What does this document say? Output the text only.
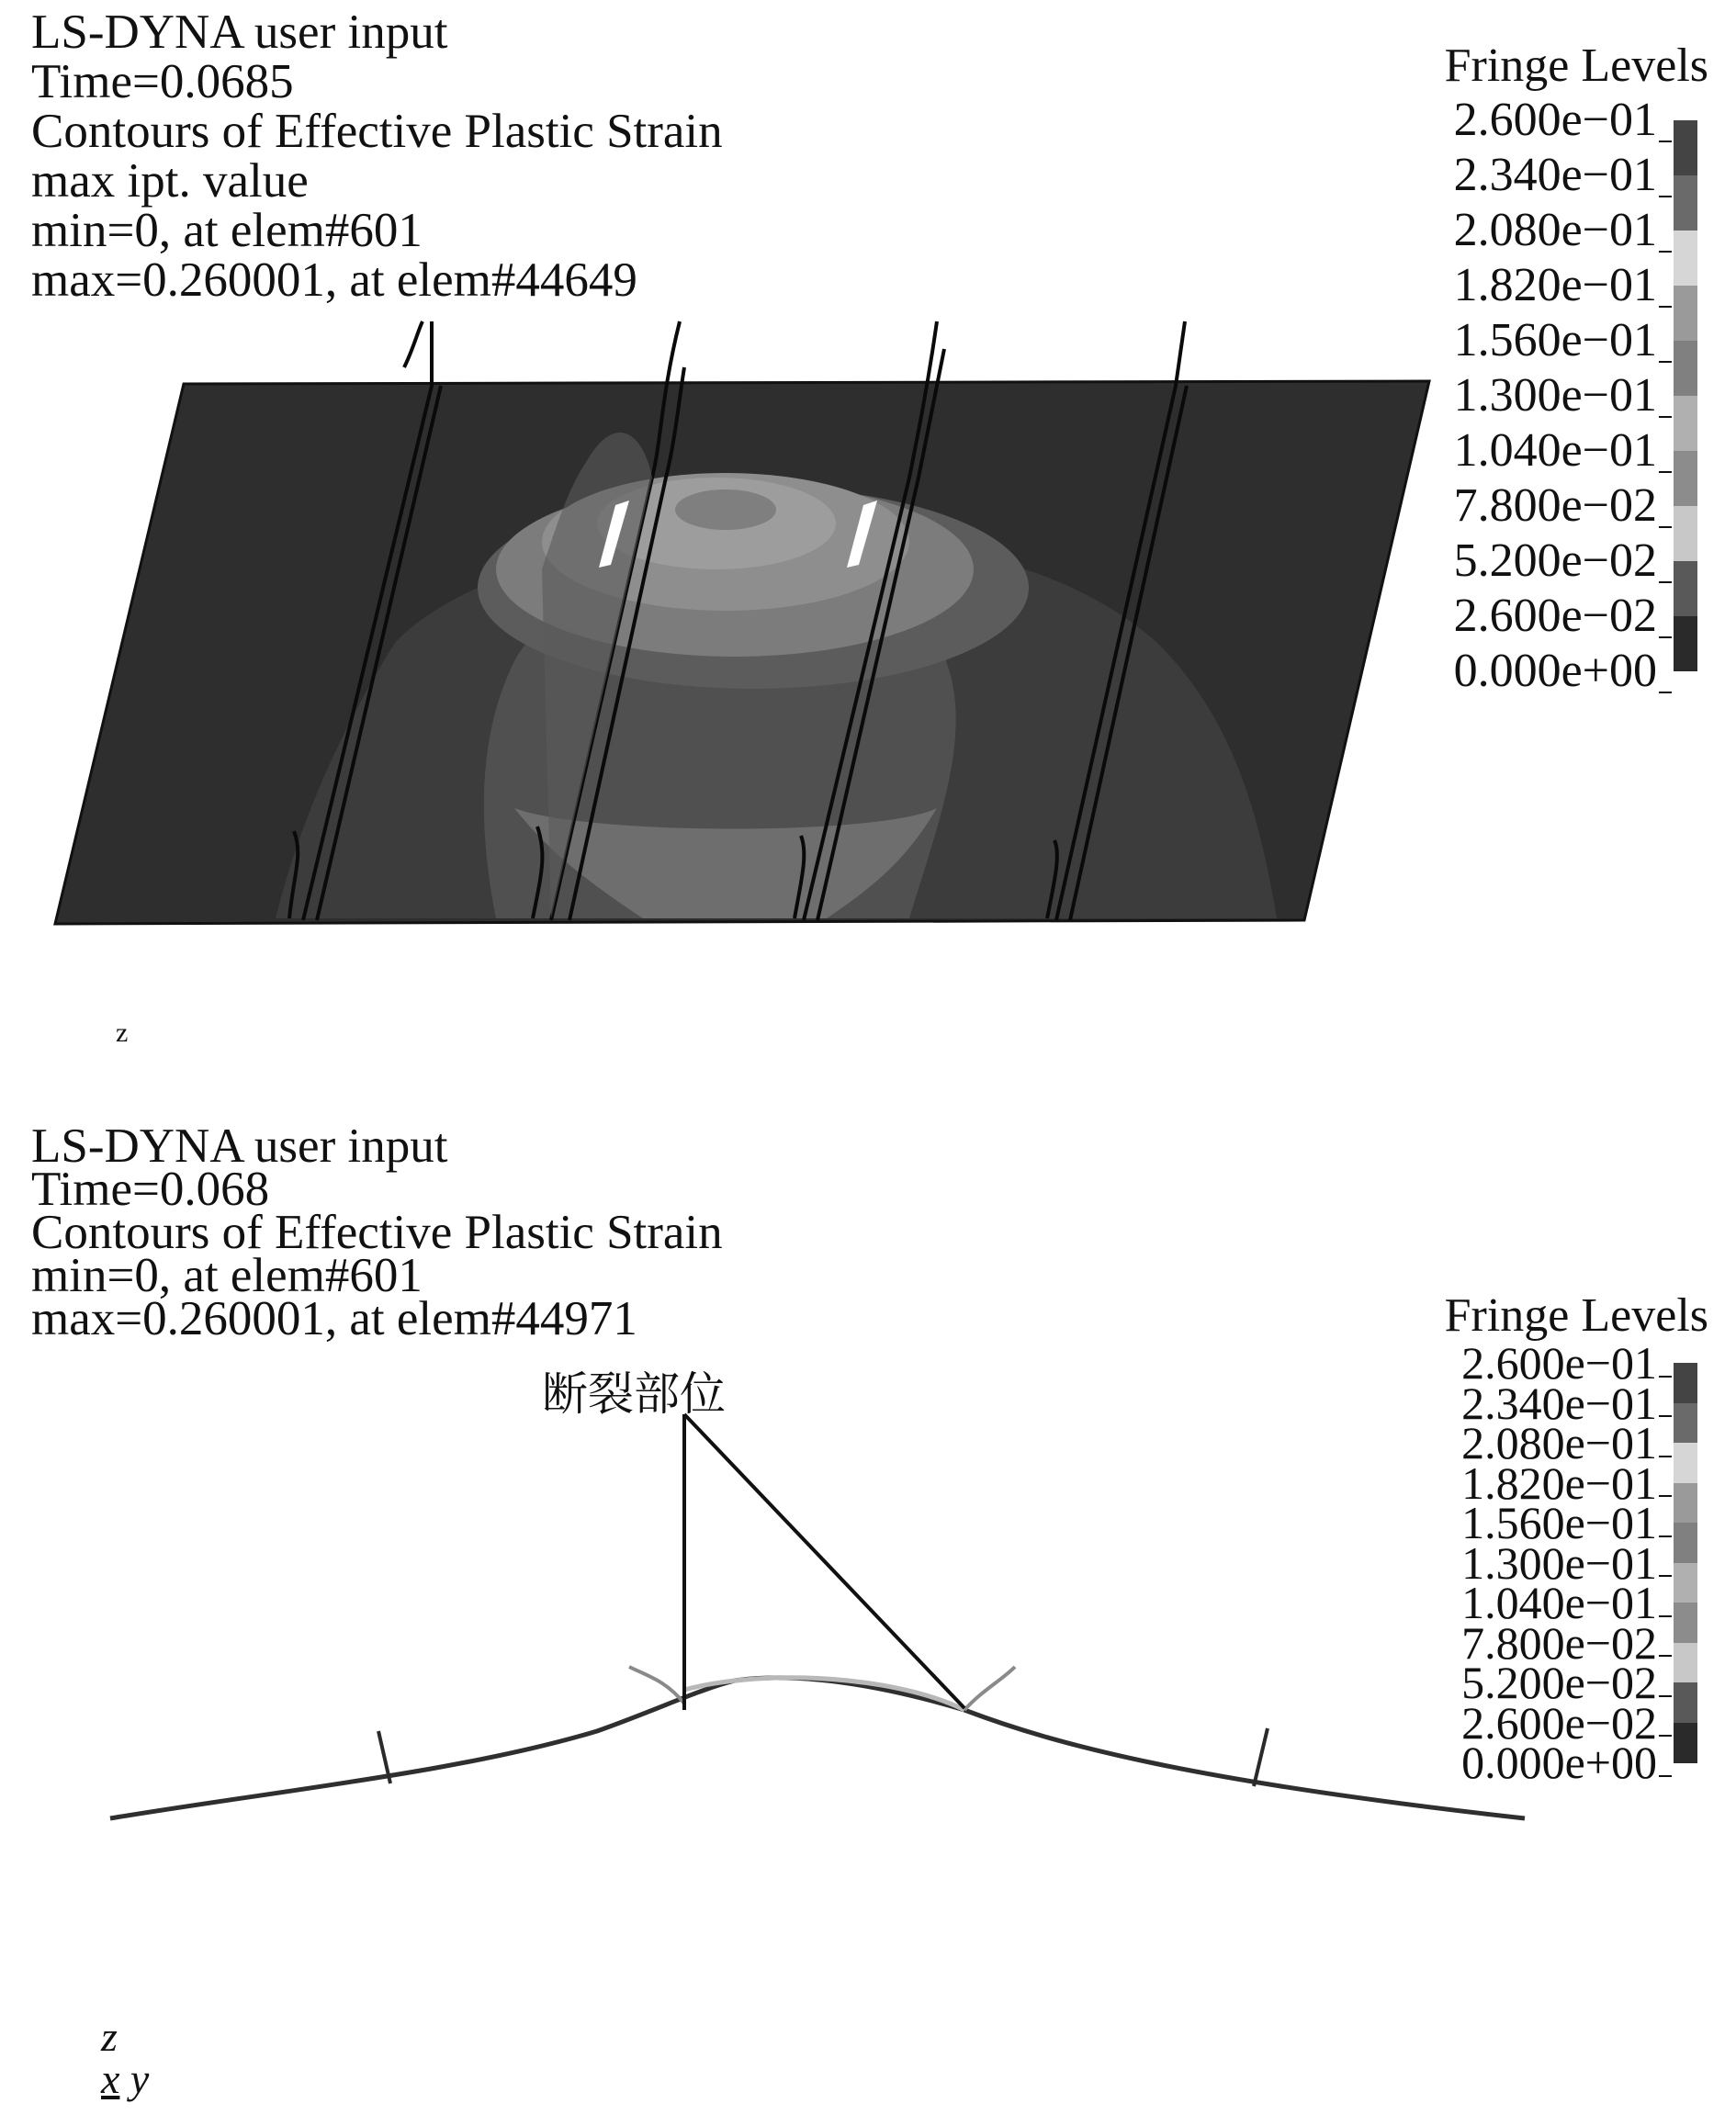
LS-DYNA user input
Time=0.0685
Contours of Effective Plastic Strain
max ipt. value
min=0, at elem#601
max=0.260001, at elem#44649
Fringe Levels
2.600e−01
2.340e−01
2.080e−01
1.820e−01
1.560e−01
1.300e−01
1.040e−01
7.800e−02
5.200e−02
2.600e−02
0.000e+00
z
LS-DYNA user input
Time=0.068
Contours of Effective Plastic Strain
min=0, at elem#601
max=0.260001, at elem#44971	Fringe Levels
2.600e−01
2.340e−01
2.080e−01
1.820e−01
1.560e−01
1.300e−01
1.040e−01
7.800e−02
5.200e−02
2.600e−02
0.000e+00
断裂部位
z
x y
